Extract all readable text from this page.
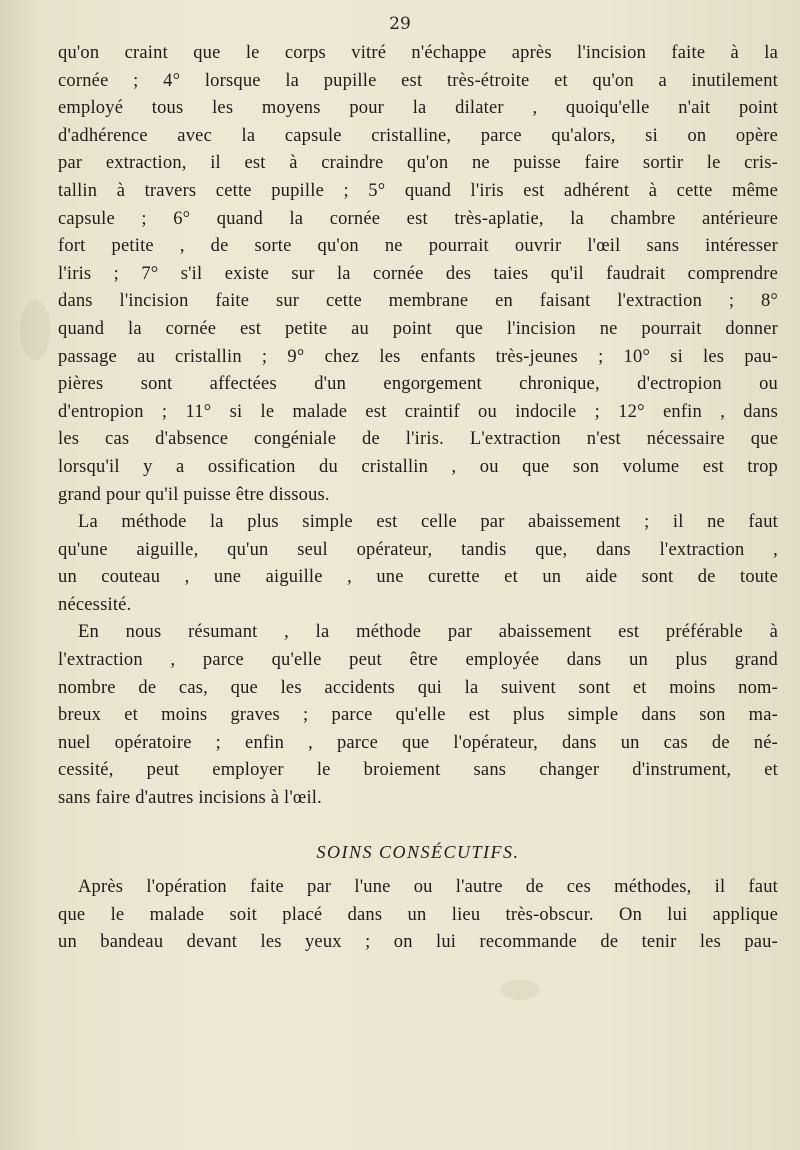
29
qu'on craint que le corps vitré n'échappe après l'incision faite à la
cornée ; 4° lorsque la pupille est très-étroite et qu'on a inutilement
employé tous les moyens pour la dilater , quoiqu'elle n'ait point
d'adhérence avec la capsule cristalline, parce qu'alors, si on opère
par extraction, il est à craindre qu'on ne puisse faire sortir le cris-
tallin à travers cette pupille ; 5° quand l'iris est adhérent à cette même
capsule ; 6° quand la cornée est très-aplatie, la chambre antérieure
fort petite , de sorte qu'on ne pourrait ouvrir l'œil sans intéresser
l'iris ; 7° s'il existe sur la cornée des taies qu'il faudrait comprendre
dans l'incision faite sur cette membrane en faisant l'extraction ; 8°
quand la cornée est petite au point que l'incision ne pourrait donner
passage au cristallin ; 9° chez les enfants très-jeunes ; 10° si les pau-
pières sont affectées d'un engorgement chronique, d'ectropion ou
d'entropion ; 11° si le malade est craintif ou indocile ; 12° enfin , dans
les cas d'absence congéniale de l'iris. L'extraction n'est nécessaire que
lorsqu'il y a ossification du cristallin , ou que son volume est trop
grand pour qu'il puisse être dissous.
La méthode la plus simple est celle par abaissement ; il ne faut
qu'une aiguille, qu'un seul opérateur, tandis que, dans l'extraction ,
un couteau , une aiguille , une curette et un aide sont de toute
nécessité.
En nous résumant , la méthode par abaissement est préférable à
l'extraction , parce qu'elle peut être employée dans un plus grand
nombre de cas, que les accidents qui la suivent sont et moins nom-
breux et moins graves ; parce qu'elle est plus simple dans son ma-
nuel opératoire ; enfin , parce que l'opérateur, dans un cas de né-
cessité, peut employer le broiement sans changer d'instrument, et
sans faire d'autres incisions à l'œil.
SOINS CONSÉCUTIFS.
Après l'opération faite par l'une ou l'autre de ces méthodes, il faut
que le malade soit placé dans un lieu très-obscur. On lui applique
un bandeau devant les yeux ; on lui recommande de tenir les pau-
